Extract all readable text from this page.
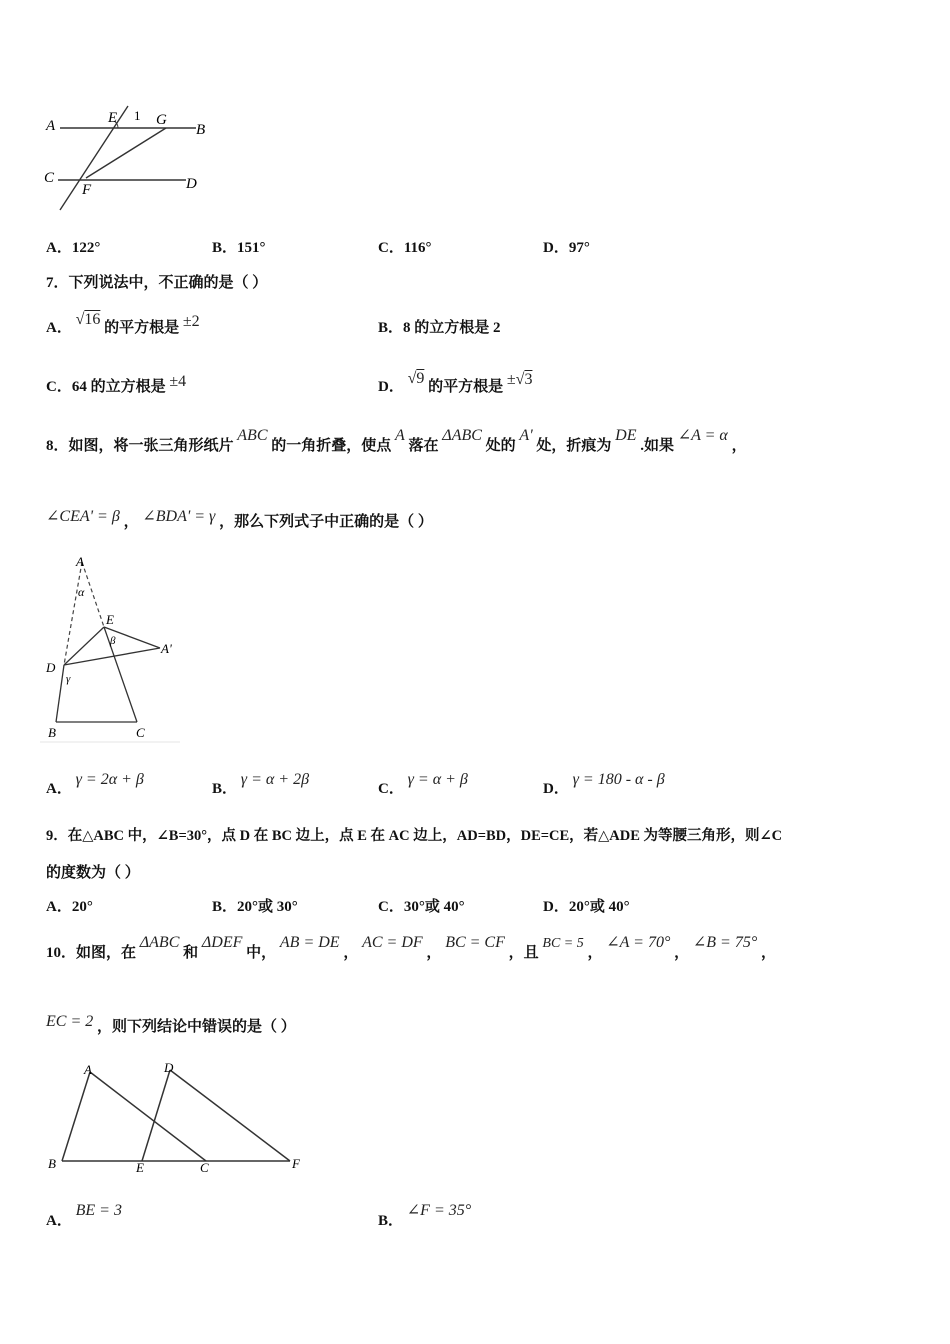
A	E 1 G
B
C
F	D
A．122°	B．151°	C．116°	D．97°
7．下列说法中，不正确的是（ ）
A． √16 的平方根是 ±2	B．8 的立方根是 2
C．64 的立方根是 ±4	D． √9 的平方根是 ±√3
8．如图，将一张三角形纸片 ABC 的一角折叠，使点 A 落在 ΔABC 处的 A' 处，折痕为 DE .如果 ∠A = α ，
∠CEA' = β ， ∠BDA' = γ ，那么下列式子中正确的是（ ）
A
α
E
β	A'
D
γ
B	C
A． γ = 2α + β
B． γ = α + 2β
C． γ = α + β
D． γ = 180 - α - β
9．在△ABC 中，∠B=30°，点 D 在 BC 边上，点 E 在 AC 边上，AD=BD，DE=CE，若△ADE 为等腰三角形，则∠C
的度数为（ ）
A．20°	B．20°或 30°	C．30°或 40°	D．20°或 40°
10．如图，在 ΔABC 和 ΔDEF 中， AB = DE ， AC = DF ， BC = CF ，且 BC = 5 ， ∠A = 70° ， ∠B = 75° ，
EC = 2 ，则下列结论中错误的是（ ）
A	D
B	E	C	F
A． BE = 3
B． ∠F = 35°
